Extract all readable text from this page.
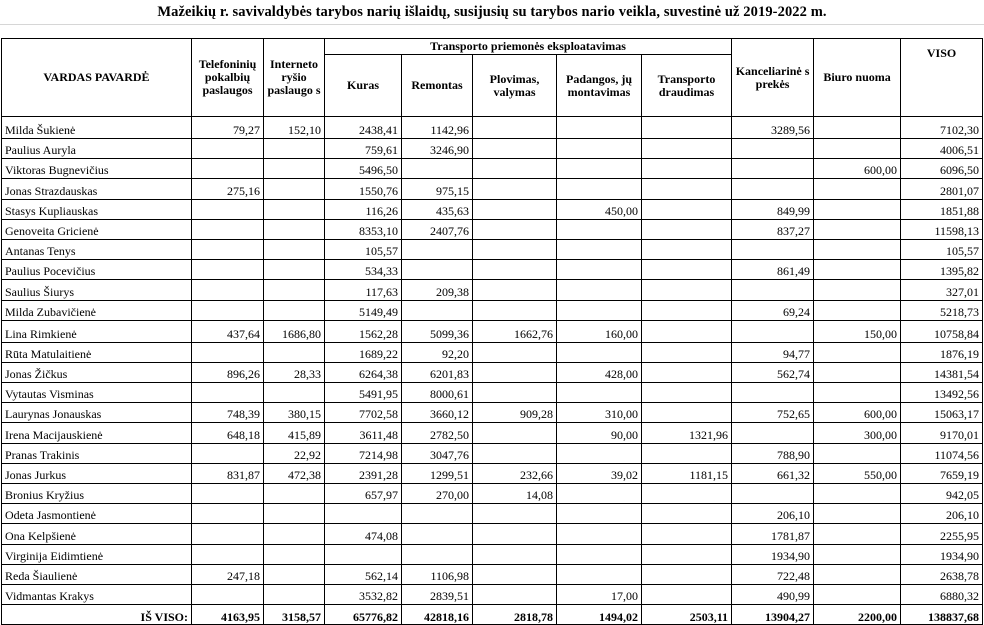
Mažeikių r. savivaldybės tarybos narių išlaidų, susijusių su tarybos nario veikla, suvestinė už 2019-2022 m.
VARDAS PAVARDĖ	Telefoninių pokalbių paslaugos	Interneto ryšio paslaugo s	Transporto priemonės eksploatavimas					Kanceliarinė s prekės	Biuro nuoma	VISO
			Kuras	Remontas	Plovimas, valymas	Padangos, jų montavimas	Transporto draudimas			
Milda Šukienė	79,27	152,10	2438,41	1142,96				3289,56		7102,30
Paulius Auryla			759,61	3246,90						4006,51
Viktoras Bugnevičius			5496,50						600,00	6096,50
Jonas Strazdauskas	275,16		1550,76	975,15						2801,07
Stasys Kupliauskas			116,26	435,63		450,00		849,99		1851,88
Genoveita Gricienė			8353,10	2407,76				837,27		11598,13
Antanas Tenys			105,57							105,57
Paulius Pocevičius			534,33					861,49		1395,82
Saulius Šiurys			117,63	209,38						327,01
Milda Zubavičienė			5149,49					69,24		5218,73
Lina Rimkienė	437,64	1686,80	1562,28	5099,36	1662,76	160,00			150,00	10758,84
Rūta Matulaitienė			1689,22	92,20				94,77		1876,19
Jonas Žičkus	896,26	28,33	6264,38	6201,83		428,00		562,74		14381,54
Vytautas Visminas			5491,95	8000,61						13492,56
Laurynas Jonauskas	748,39	380,15	7702,58	3660,12	909,28	310,00		752,65	600,00	15063,17
Irena Macijauskienė	648,18	415,89	3611,48	2782,50		90,00	1321,96		300,00	9170,01
Pranas Trakinis		22,92	7214,98	3047,76				788,90		11074,56
Jonas Jurkus	831,87	472,38	2391,28	1299,51	232,66	39,02	1181,15	661,32	550,00	7659,19
Bronius Kryžius			657,97	270,00	14,08					942,05
Odeta Jasmontienė								206,10		206,10
Ona Kelpšienė			474,08					1781,87		2255,95
Virginija Eidimtienė								1934,90		1934,90
Reda Šiaulienė	247,18		562,14	1106,98				722,48		2638,78
Vidmantas Krakys			3532,82	2839,51		17,00		490,99		6880,32
IŠ VISO:	4163,95	3158,57	65776,82	42818,16	2818,78	1494,02	2503,11	13904,27	2200,00	138837,68
